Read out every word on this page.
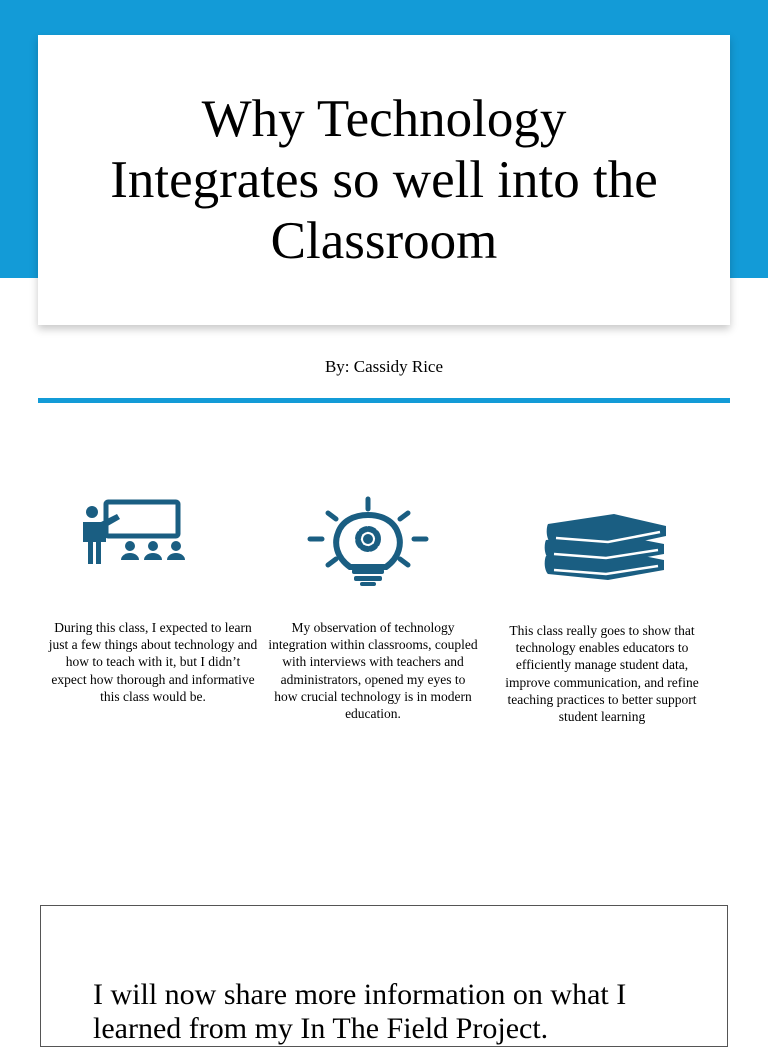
Why Technology Integrates so well into the Classroom
By: Cassidy Rice
During this class, I expected to learn just a few things about technology and how to teach with it, but I didn’t expect how thorough and informative this class would be.
My observation of technology integration within classrooms, coupled with interviews with teachers and administrators, opened my eyes to how crucial technology is in modern education.
This class really goes to show that technology enables educators to efficiently manage student data, improve communication, and refine teaching practices to better support student learning

I will now share more information on what I learned from my In The Field Project.
